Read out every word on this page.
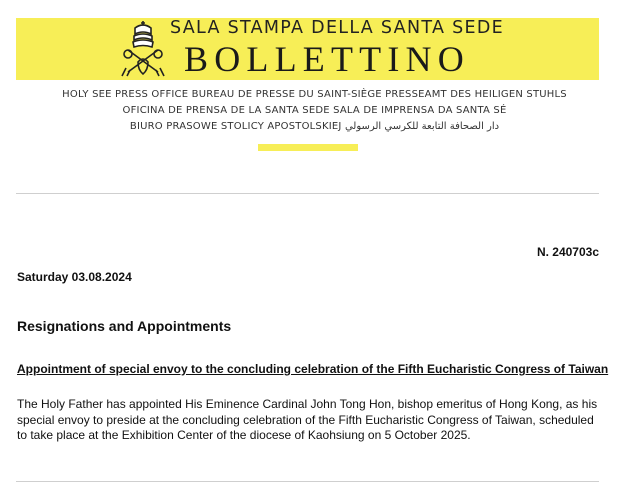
SALA STAMPA DELLA SANTA SEDE
BOLLETTINO
HOLY SEE PRESS OFFICE BUREAU DE PRESSE DU SAINT-SIÈGE PRESSEAMT DES HEILIGEN STUHLS
OFICINA DE PRENSA DE LA SANTA SEDE SALA DE IMPRENSA DA SANTA SÉ
BIURO PRASOWE STOLICY APOSTOLSKIEJ دار الصحافة التابعة للكرسي الرسولي
N. 240703c
Saturday 03.08.2024
Resignations and Appointments
Appointment of special envoy to the concluding celebration of the Fifth Eucharistic Congress of Taiwan

The Holy Father has appointed His Eminence Cardinal John Tong Hon, bishop emeritus of Hong Kong, as his special envoy to preside at the concluding celebration of the Fifth Eucharistic Congress of Taiwan, scheduled to take place at the Exhibition Center of the diocese of Kaohsiung on 5 October 2025.
